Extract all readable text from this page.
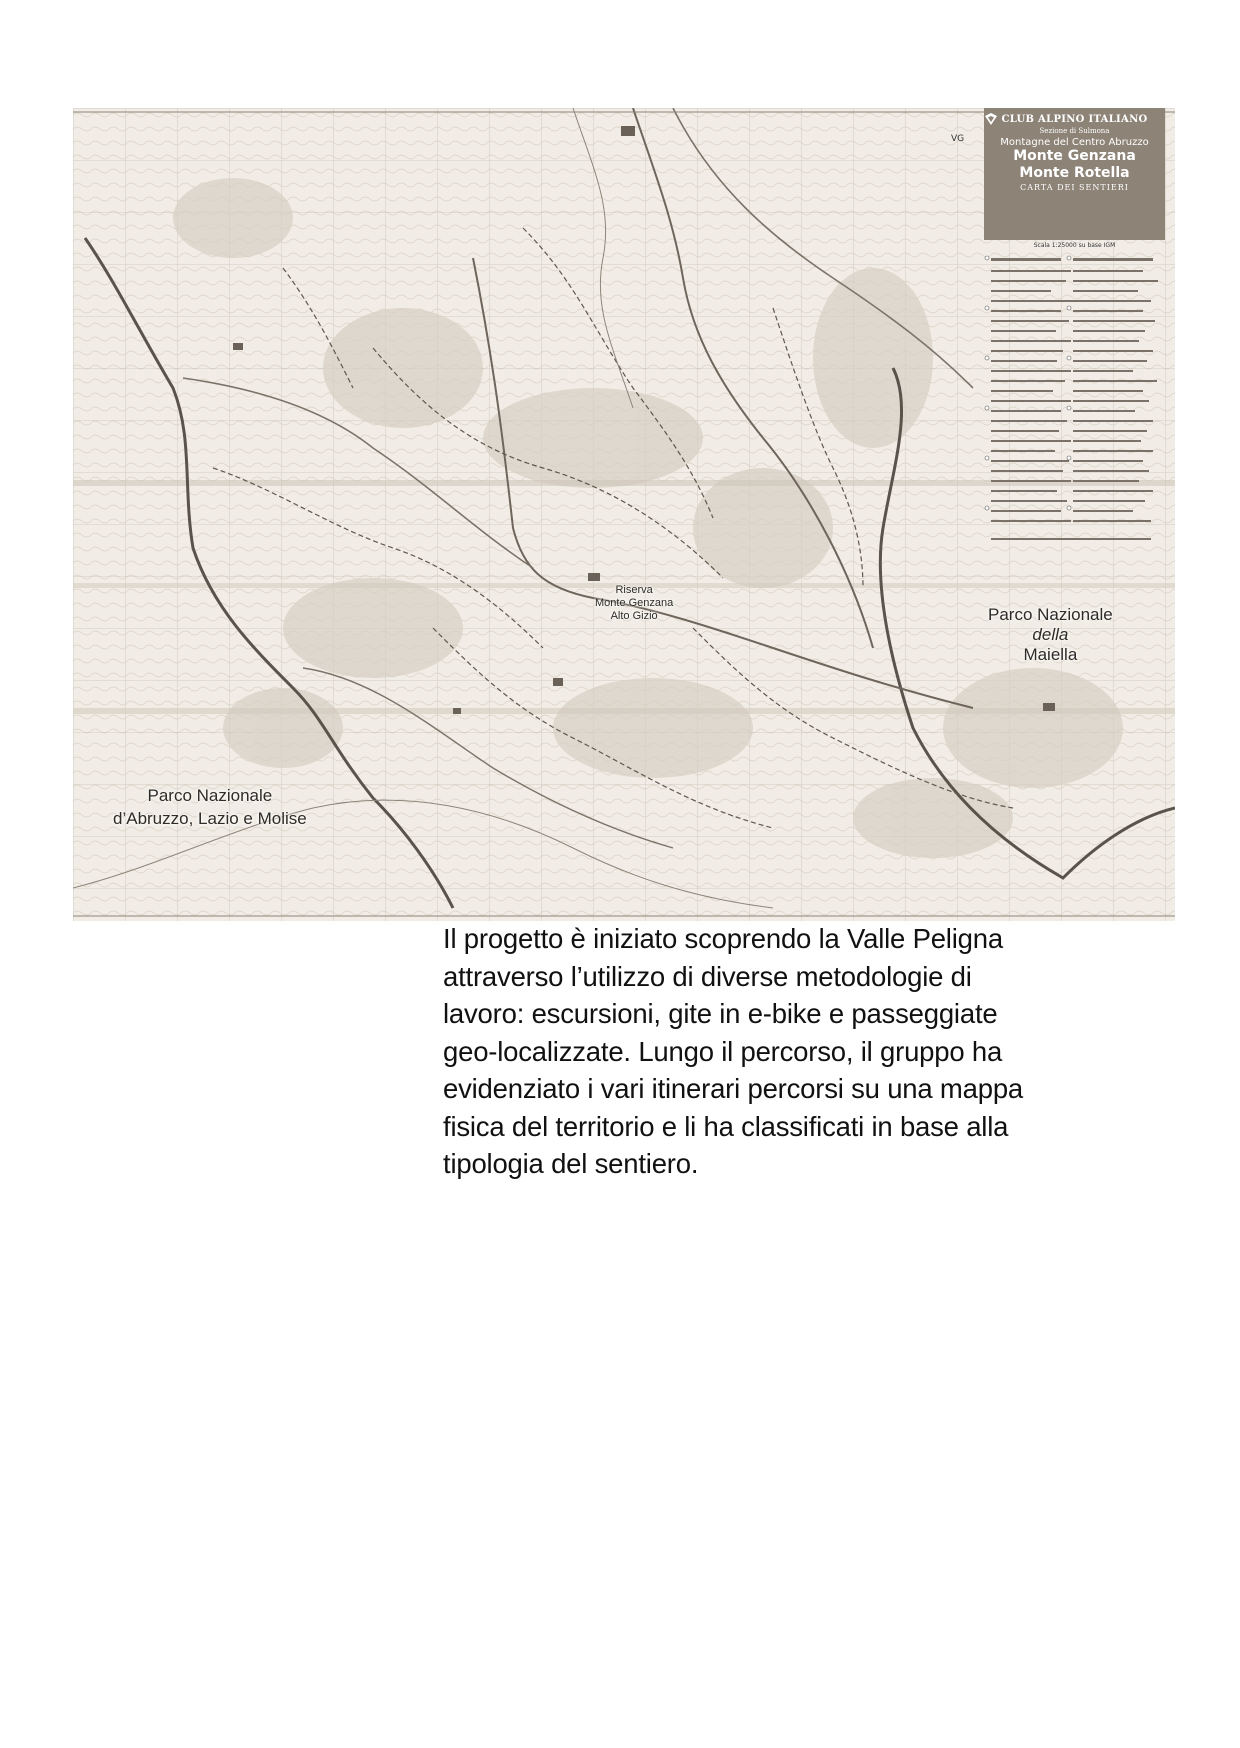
CLUB ALPINO ITALIANO
Sezione di Sulmona
Montagne del Centro Abruzzo
Monte Genzana
Monte Rotella
CARTA DEI SENTIERI
Scala 1:25000 su base IGM
VG
Parco Nazionale
della
Maiella
Parco Nazionale
d’Abruzzo, Lazio e Molise
Riserva
Monte Genzana
Alto Gizio
Il progetto è iniziato scoprendo la Valle Peligna
attraverso l’utilizzo di diverse metodologie di
lavoro: escursioni, gite in e-bike e passeggiate
geo-localizzate. Lungo il percorso, il gruppo ha
evidenziato i vari itinerari percorsi su una mappa
fisica del territorio e li ha classificati in base alla
tipologia del sentiero.
